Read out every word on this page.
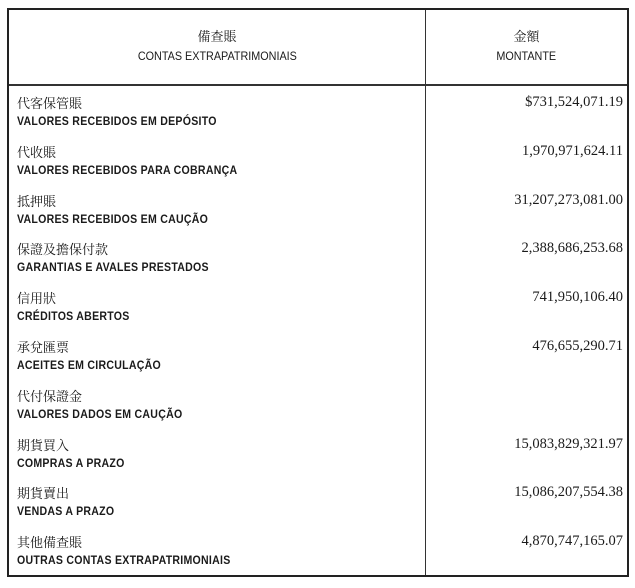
備查賬
CONTAS EXTRAPATRIMONIAIS
金額
MONTANTE
代客保管賬
VALORES RECEBIDOS EM DEPÓSITO
$731,524,071.19
代收賬
VALORES RECEBIDOS PARA COBRANÇA
1,970,971,624.11
抵押賬
VALORES RECEBIDOS EM CAUÇÃO
31,207,273,081.00
保證及擔保付款
GARANTIAS E AVALES PRESTADOS
2,388,686,253.68
信用狀
CRÉDITOS ABERTOS
741,950,106.40
承兌匯票
ACEITES EM CIRCULAÇÃO
476,655,290.71
代付保證金
VALORES DADOS EM CAUÇÃO
期貨買入
COMPRAS A PRAZO
15,083,829,321.97
期貨賣出
VENDAS A PRAZO
15,086,207,554.38
其他備查賬
OUTRAS CONTAS EXTRAPATRIMONIAIS
4,870,747,165.07
